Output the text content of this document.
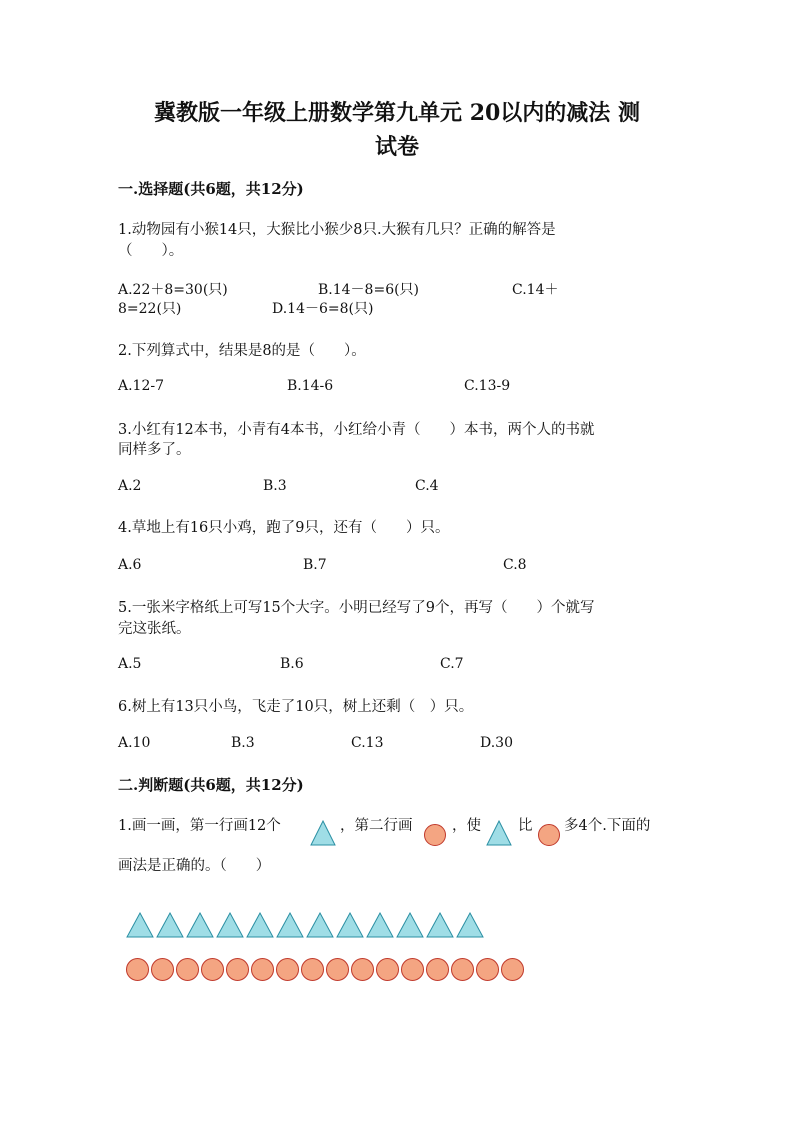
冀教版一年级上册数学第九单元 20以内的减法 测
试卷
一.选择题(共6题，共12分)
1.动物园有小猴14只，大猴比小猴少8只.大猴有几只？正确的解答是
（　　）。
A.22＋8=30(只)	B.14－8=6(只)	C.14＋
8=22(只)	D.14－6=8(只)
2.下列算式中，结果是8的是（　　）。
A.12-7	B.14-6	C.13-9
3.小红有12本书，小青有4本书，小红给小青（　　）本书，两个人的书就
同样多了。
A.2	B.3	C.4
4.草地上有16只小鸡，跑了9只，还有（　　）只。
A.6	B.7	C.8
5.一张米字格纸上可写15个大字。小明已经写了9个，再写（　　）个就写
完这张纸。
A.5	B.6	C.7
6.树上有13只小鸟，飞走了10只，树上还剩（　）只。
A.10	B.3	C.13	D.30
二.判断题(共6题，共12分)
1.画一画，第一行画12个	，第二行画	，使	比 多4个.下面的
画法是正确的。（　　）
